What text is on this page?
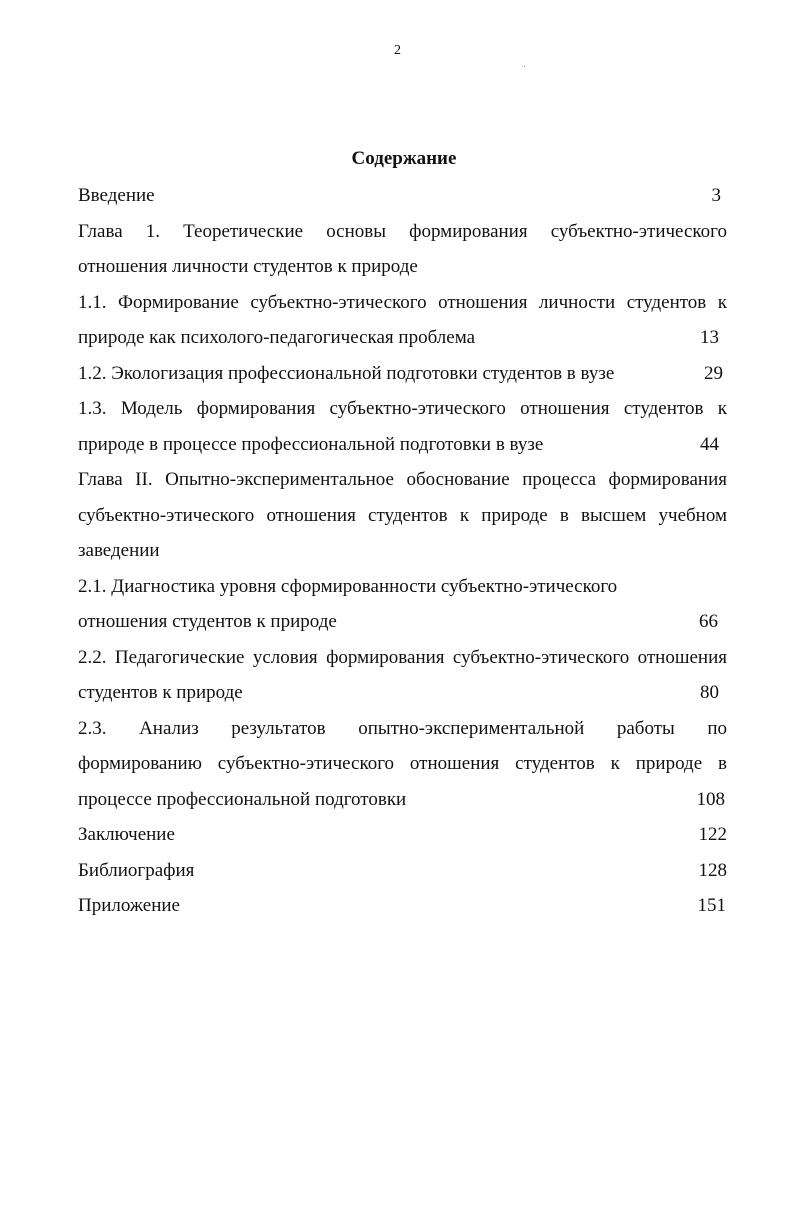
2
Содержание
Введение	3
Глава 1. Теоретические основы формирования субъектно-этического
отношения личности студентов к природе
1.1. Формирование субъектно-этического отношения личности студентов к
природе как психолого-педагогическая проблема	13
1.2. Экологизация профессиональной подготовки студентов в вузе	29
1.3. Модель формирования субъектно-этического отношения студентов к
природе в процессе профессиональной подготовки в вузе	44
Глава II. Опытно-экспериментальное обоснование процесса формирования
субъектно-этического отношения студентов к природе в высшем учебном
заведении
2.1. Диагностика уровня сформированности субъектно-этического
отношения студентов к природе	66
2.2. Педагогические условия формирования субъектно-этического отношения
студентов к природе	80
2.3. Анализ результатов опытно-экспериментальной работы по
формированию субъектно-этического отношения студентов к природе в
процессе профессиональной подготовки	108
Заключение	122
Библиография	128
Приложение	151
